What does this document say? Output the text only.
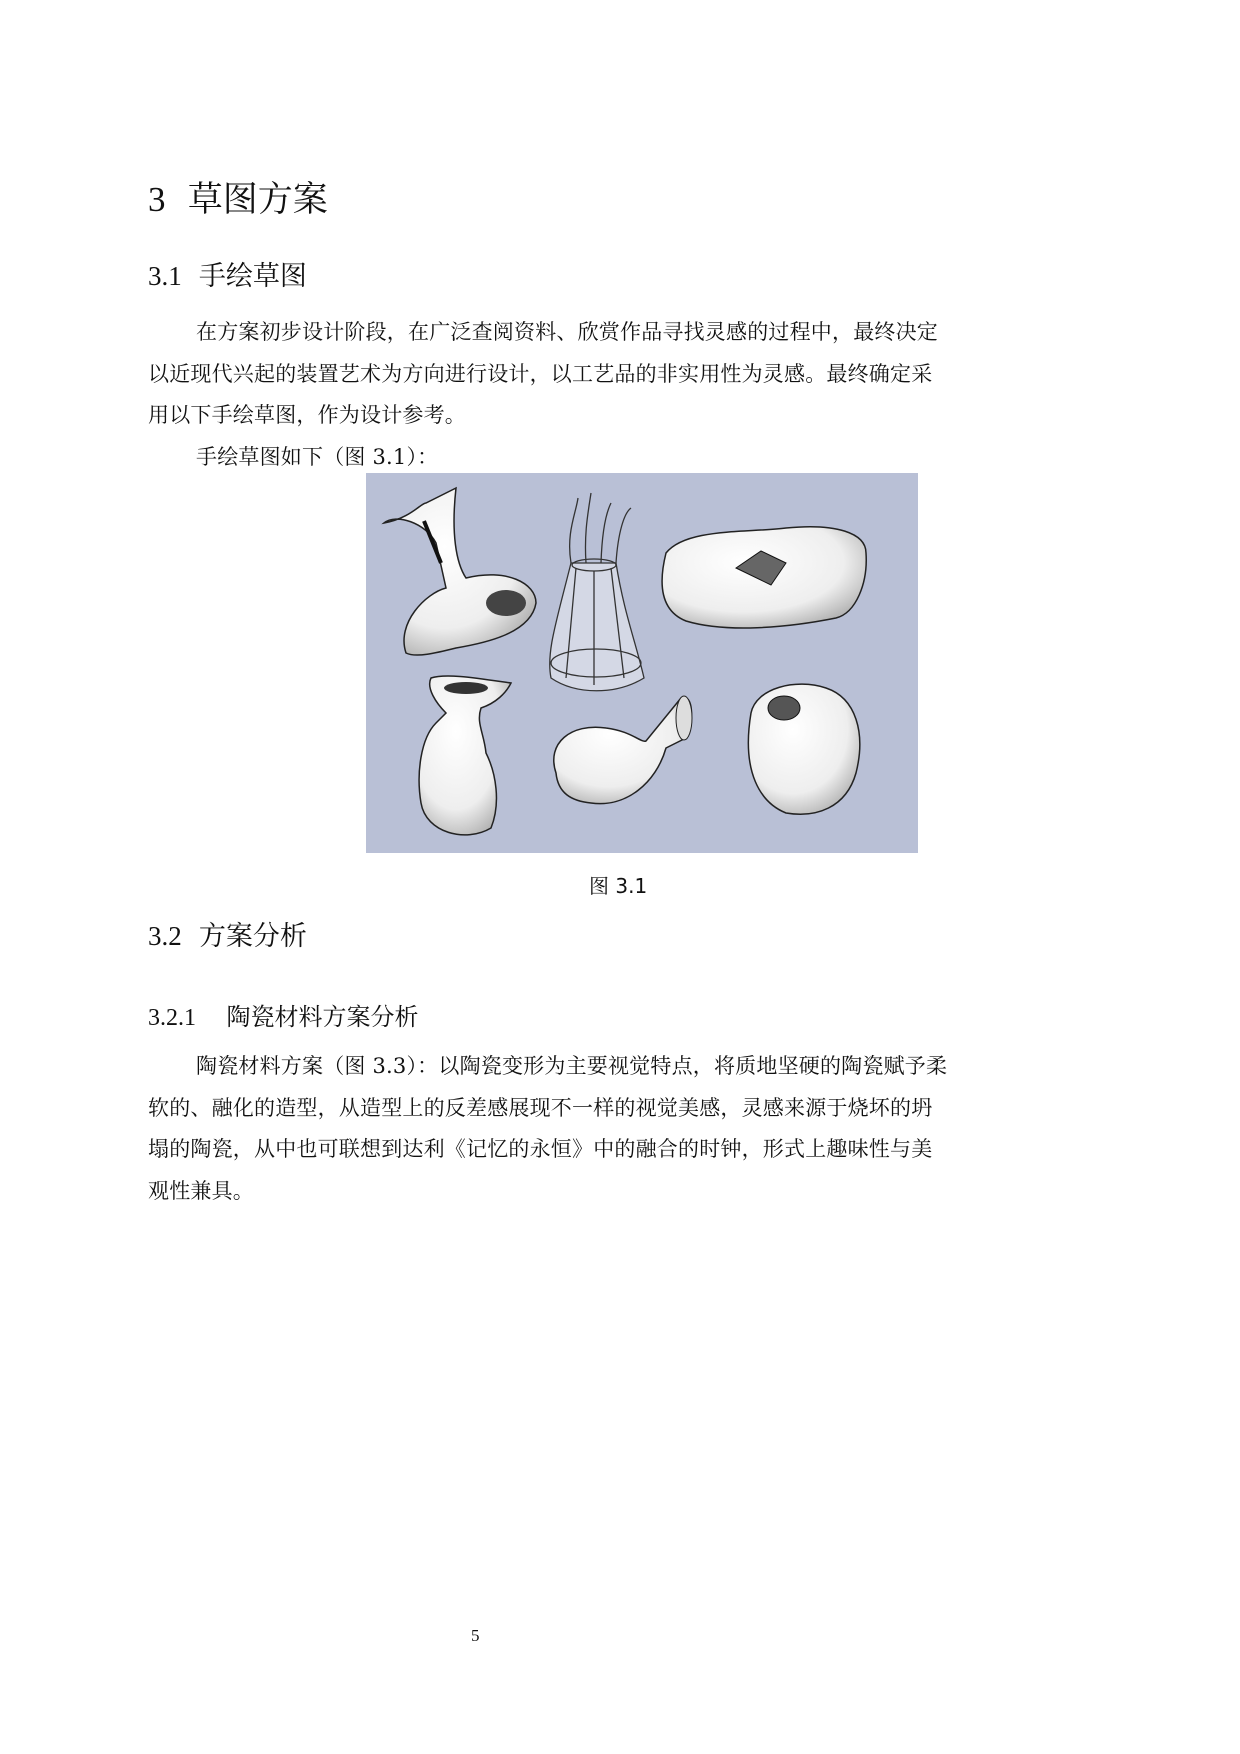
3 草图方案
3.1 手绘草图
在方案初步设计阶段，在广泛查阅资料、欣赏作品寻找灵感的过程中，最终决定
以近现代兴起的装置艺术为方向进行设计，以工艺品的非实用性为灵感。最终确定采
用以下手绘草图，作为设计参考。
手绘草图如下（图 3.1）：
图 3.1
3.2 方案分析
3.2.1 陶瓷材料方案分析
陶瓷材料方案（图 3.3）：以陶瓷变形为主要视觉特点，将质地坚硬的陶瓷赋予柔
软的、融化的造型，从造型上的反差感展现不一样的视觉美感，灵感来源于烧坏的坍
塌的陶瓷，从中也可联想到达利《记忆的永恒》中的融合的时钟，形式上趣味性与美
观性兼具。
5
